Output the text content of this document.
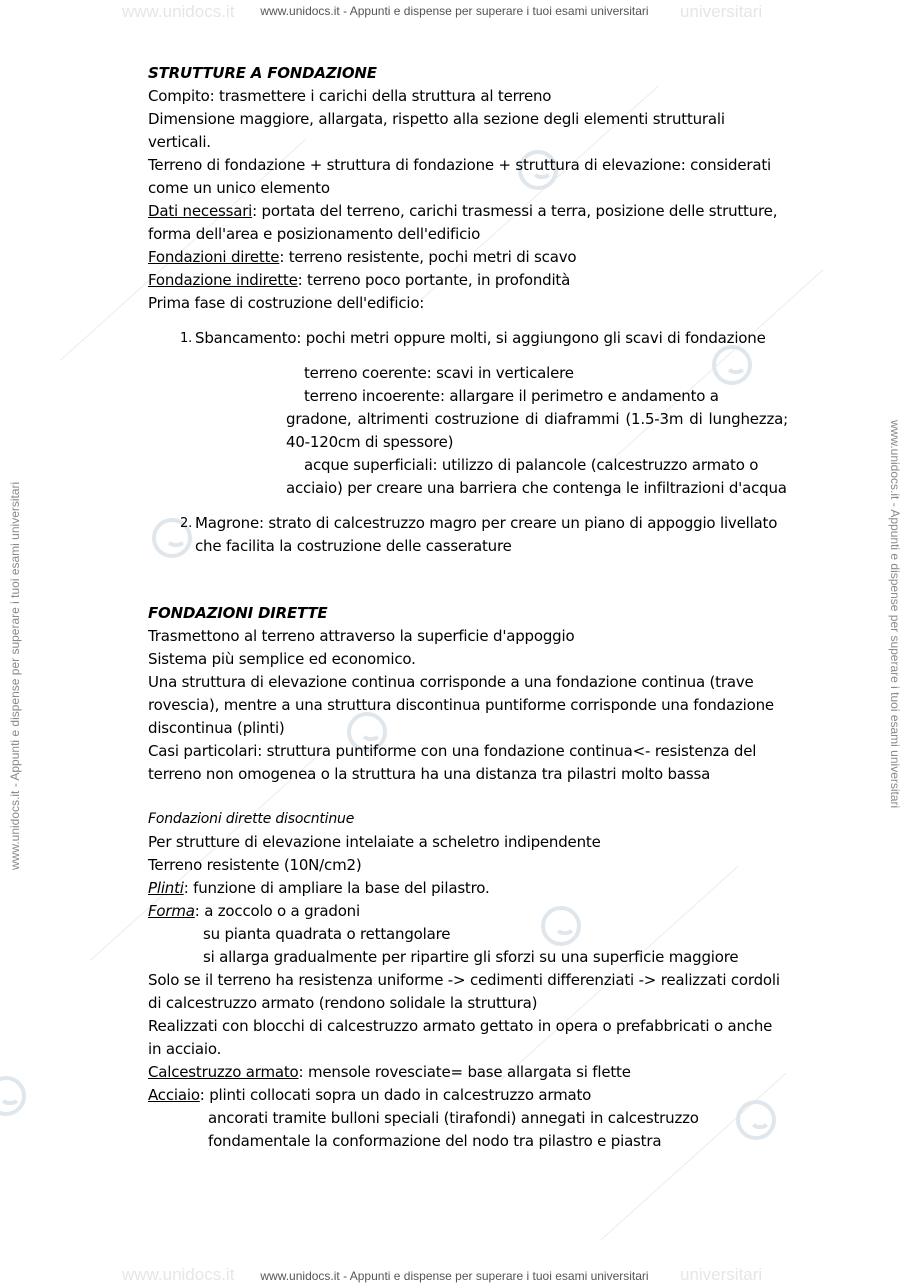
www.unidocs.it	universitari
www.unidocs.it - Appunti e dispense per superare i tuoi esami universitari
www.unidocs.it	universitari
www.unidocs.it - Appunti e dispense per superare i tuoi esami universitari
www.unidocs.it - Appunti e dispense per superare i tuoi esami universitari	www.unidocs.it - Appunti e dispense per superare i tuoi esami universitari

STRUTTURE A FONDAZIONE

Compito: trasmettere i carichi della struttura al terreno

Dimensione maggiore, allargata, rispetto alla sezione degli elementi strutturali verticali.

Terreno di fondazione + struttura di fondazione + struttura di elevazione: considerati come un unico elemento

Dati necessari: portata del terreno, carichi trasmessi a terra, posizione delle strutture, forma dell'area e posizionamento dell'edificio

Fondazioni dirette: terreno resistente, pochi metri di scavo

Fondazione indirette: terreno poco portante, in profondità

Prima fase di costruzione dell'edificio:

1. Sbancamento: pochi metri oppure molti, si aggiungono gli scavi di fondazione

terreno coerente: scavi in verticalere

terreno incoerente: allargare il perimetro e andamento a

gradone, altrimenti costruzione di diaframmi (1.5-3m di lunghezza; 40-120cm di spessore)

acque superficiali: utilizzo di palancole (calcestruzzo armato o

acciaio) per creare una barriera che contenga le infiltrazioni d'acqua

2. Magrone: strato di calcestruzzo magro per creare un piano di appoggio livellato che facilita la costruzione delle casserature

FONDAZIONI DIRETTE

Trasmettono al terreno attraverso la superficie d'appoggio

Sistema più semplice ed economico.

Una struttura di elevazione continua corrisponde a una fondazione continua (trave rovescia), mentre a una struttura discontinua puntiforme corrisponde una fondazione discontinua (plinti)

Casi particolari: struttura puntiforme con una fondazione continua<- resistenza del terreno non omogenea o la struttura ha una distanza tra pilastri molto bassa

Fondazioni dirette disocntinue

Per strutture di elevazione intelaiate a scheletro indipendente

Terreno resistente (10N/cm2)

Plinti: funzione di ampliare la base del pilastro.

Forma: a zoccolo o a gradoni

su pianta quadrata o rettangolare

si allarga gradualmente per ripartire gli sforzi su una superficie maggiore

Solo se il terreno ha resistenza uniforme -> cedimenti differenziati -> realizzati cordoli di calcestruzzo armato (rendono solidale la struttura)

Realizzati con blocchi di calcestruzzo armato gettato in opera o prefabbricati o anche in acciaio.

Calcestruzzo armato: mensole rovesciate= base allargata si flette

Acciaio: plinti collocati sopra un dado in calcestruzzo armato

ancorati tramite bulloni speciali (tirafondi) annegati in calcestruzzo

fondamentale la conformazione del nodo tra pilastro e piastra
